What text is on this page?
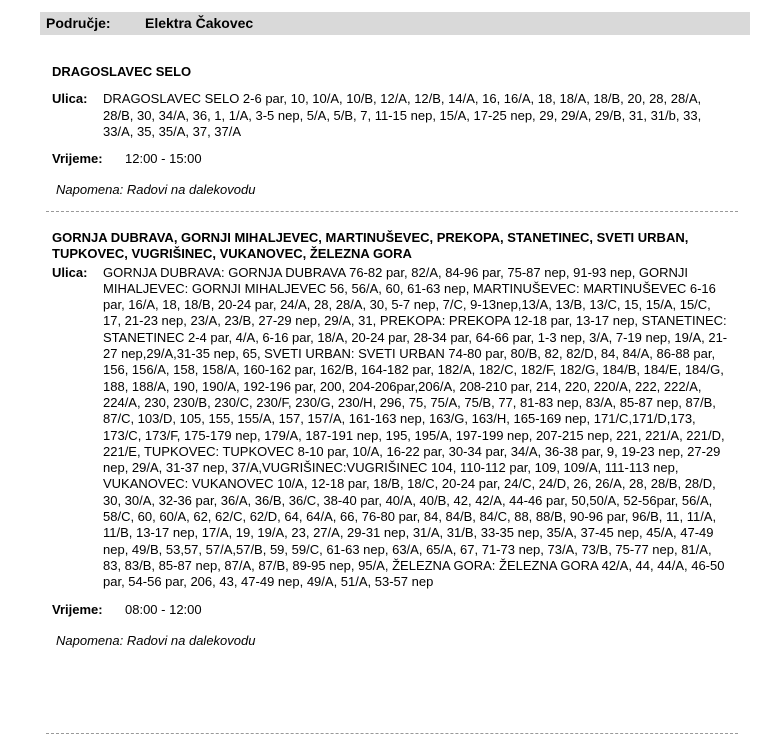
Područje: Elektra Čakovec
DRAGOSLAVEC SELO
Ulica: DRAGOSLAVEC SELO 2-6 par, 10, 10/A, 10/B, 12/A, 12/B, 14/A, 16, 16/A, 18, 18/A, 18/B, 20, 28, 28/A, 28/B, 30, 34/A, 36, 1, 1/A, 3-5 nep, 5/A, 5/B, 7, 11-15 nep, 15/A, 17-25 nep, 29, 29/A, 29/B, 31, 31/b, 33, 33/A, 35, 35/A, 37, 37/A
Vrijeme: 12:00 - 15:00
Napomena: Radovi na dalekovodu
GORNJA DUBRAVA, GORNJI MIHALJEVEC, MARTINUŠEVEC, PREKOPA, STANETINEC, SVETI URBAN, TUPKOVEC, VUGRIŠINEC, VUKANOVEC, ŽELEZNA GORA
Ulica: GORNJA DUBRAVA: GORNJA DUBRAVA 76-82 par, 82/A, 84-96 par, 75-87 nep, 91-93 nep, GORNJI MIHALJEVEC: GORNJI MIHALJEVEC 56, 56/A, 60, 61-63 nep, MARTINUŠEVEC: MARTINUŠEVEC 6-16 par, 16/A, 18, 18/B, 20-24 par, 24/A, 28, 28/A, 30, 5-7 nep, 7/C, 9-13nep,13/A, 13/B, 13/C, 15, 15/A, 15/C, 17, 21-23 nep, 23/A, 23/B, 27-29 nep, 29/A, 31, PREKOPA: PREKOPA 12-18 par, 13-17 nep, STANETINEC: STANETINEC 2-4 par, 4/A, 6-16 par, 18/A, 20-24 par, 28-34 par, 64-66 par, 1-3 nep, 3/A, 7-19 nep, 19/A, 21-27 nep,29/A,31-35 nep, 65, SVETI URBAN: SVETI URBAN 74-80 par, 80/B, 82, 82/D, 84, 84/A, 86-88 par, 156, 156/A, 158, 158/A, 160-162 par, 162/B, 164-182 par, 182/A, 182/C, 182/F, 182/G, 184/B, 184/E, 184/G, 188, 188/A, 190, 190/A, 192-196 par, 200, 204-206par,206/A, 208-210 par, 214, 220, 220/A, 222, 222/A, 224/A, 230, 230/B, 230/C, 230/F, 230/G, 230/H, 296, 75, 75/A, 75/B, 77, 81-83 nep, 83/A, 85-87 nep, 87/B, 87/C, 103/D, 105, 155, 155/A, 157, 157/A, 161-163 nep, 163/G, 163/H, 165-169 nep, 171/C,171/D,173, 173/C, 173/F, 175-179 nep, 179/A, 187-191 nep, 195, 195/A, 197-199 nep, 207-215 nep, 221, 221/A, 221/D, 221/E, TUPKOVEC: TUPKOVEC 8-10 par, 10/A, 16-22 par, 30-34 par, 34/A, 36-38 par, 9, 19-23 nep, 27-29 nep, 29/A, 31-37 nep, 37/A,VUGRIŠINEC:VUGRIŠINEC 104, 110-112 par, 109, 109/A, 111-113 nep, VUKANOVEC: VUKANOVEC 10/A, 12-18 par, 18/B, 18/C, 20-24 par, 24/C, 24/D, 26, 26/A, 28, 28/B, 28/D, 30, 30/A, 32-36 par, 36/A, 36/B, 36/C, 38-40 par, 40/A, 40/B, 42, 42/A, 44-46 par, 50,50/A, 52-56par, 56/A, 58/C, 60, 60/A, 62, 62/C, 62/D, 64, 64/A, 66, 76-80 par, 84, 84/B, 84/C, 88, 88/B, 90-96 par, 96/B, 11, 11/A, 11/B, 13-17 nep, 17/A, 19, 19/A, 23, 27/A, 29-31 nep, 31/A, 31/B, 33-35 nep, 35/A, 37-45 nep, 45/A, 47-49 nep, 49/B, 53,57, 57/A,57/B, 59, 59/C, 61-63 nep, 63/A, 65/A, 67, 71-73 nep, 73/A, 73/B, 75-77 nep, 81/A, 83, 83/B, 85-87 nep, 87/A, 87/B, 89-95 nep, 95/A, ŽELEZNA GORA: ŽELEZNA GORA 42/A, 44, 44/A, 46-50 par, 54-56 par, 206, 43, 47-49 nep, 49/A, 51/A, 53-57 nep
Vrijeme: 08:00 - 12:00
Napomena: Radovi na dalekovodu
